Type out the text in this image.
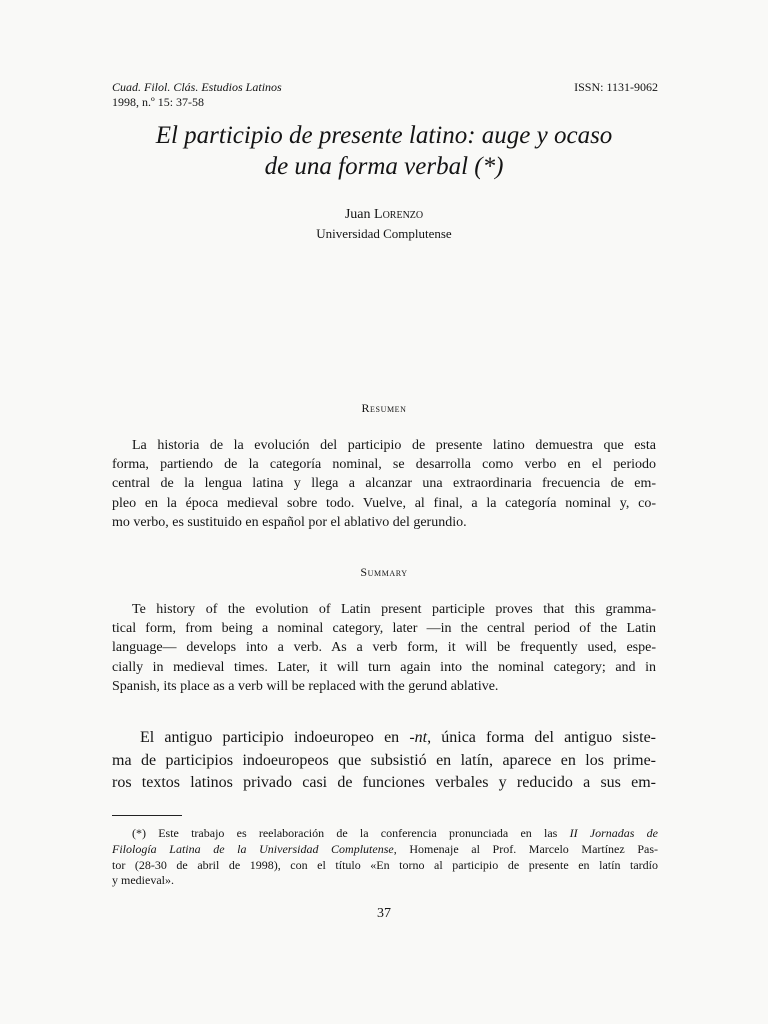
Cuad. Filol. Clás. Estudios Latinos
1998, n.º 15: 37-58
ISSN: 1131-9062
El participio de presente latino: auge y ocaso
de una forma verbal (*)
Juan Lorenzo
Universidad Complutense
Resumen
La historia de la evolución del participio de presente latino demuestra que esta
forma, partiendo de la categoría nominal, se desarrolla como verbo en el periodo
central de la lengua latina y llega a alcanzar una extraordinaria frecuencia de em-
pleo en la época medieval sobre todo. Vuelve, al final, a la categoría nominal y, co-
mo verbo, es sustituido en español por el ablativo del gerundio.
Summary
Te history of the evolution of Latin present participle proves that this gramma-
tical form, from being a nominal category, later —in the central period of the Latin
language— develops into a verb. As a verb form, it will be frequently used, espe-
cially in medieval times. Later, it will turn again into the nominal category; and in
Spanish, its place as a verb will be replaced with the gerund ablative.
El antiguo participio indoeuropeo en -nt, única forma del antiguo siste-
ma de participios indoeuropeos que subsistió en latín, aparece en los prime-
ros textos latinos privado casi de funciones verbales y reducido a sus em-
(*) Este trabajo es reelaboración de la conferencia pronunciada en las II Jornadas de
Filología Latina de la Universidad Complutense, Homenaje al Prof. Marcelo Martínez Pas-
tor (28-30 de abril de 1998), con el título «En torno al participio de presente en latín tardío
y medieval».
37
